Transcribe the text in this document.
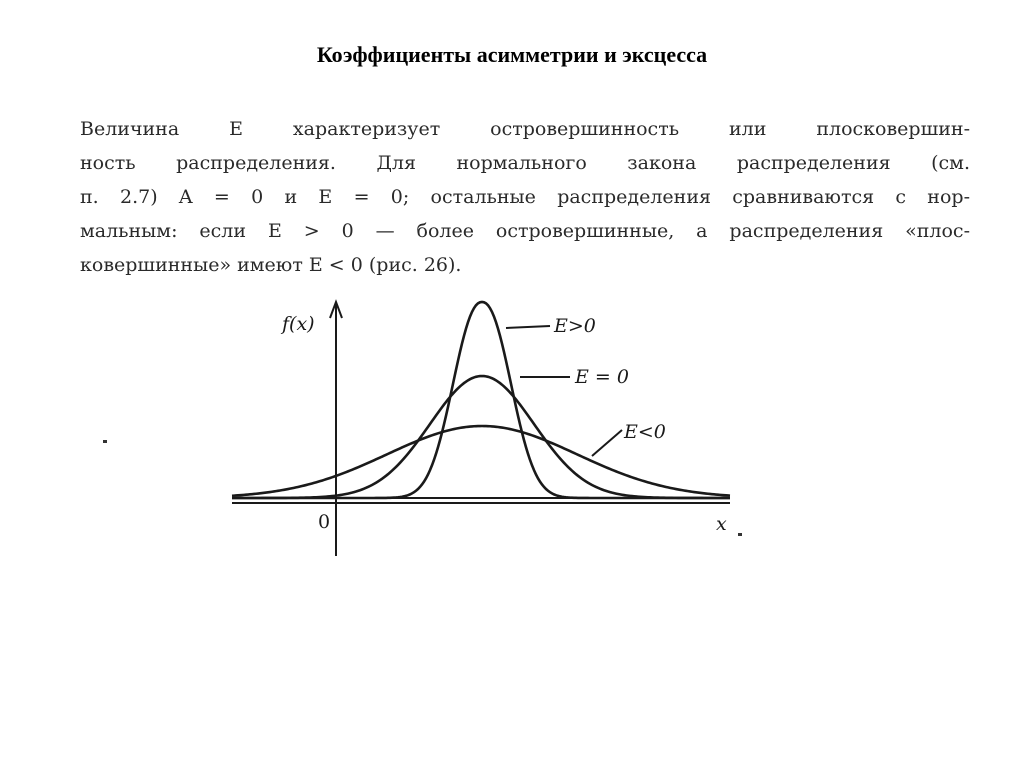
Коэффициенты асимметрии и эксцесса
Величина E характеризует островершинность или плосковершин-
ность распределения. Для нормального закона распределения (см.
п. 2.7) A = 0 и E = 0; остальные распределения сравниваются с нор-
мальным: если E > 0 — более островершинные, а распределения «плос-
ковершинные» имеют E < 0 (рис. 26).
f(x)
0	x
E>0
E = 0
E<0
